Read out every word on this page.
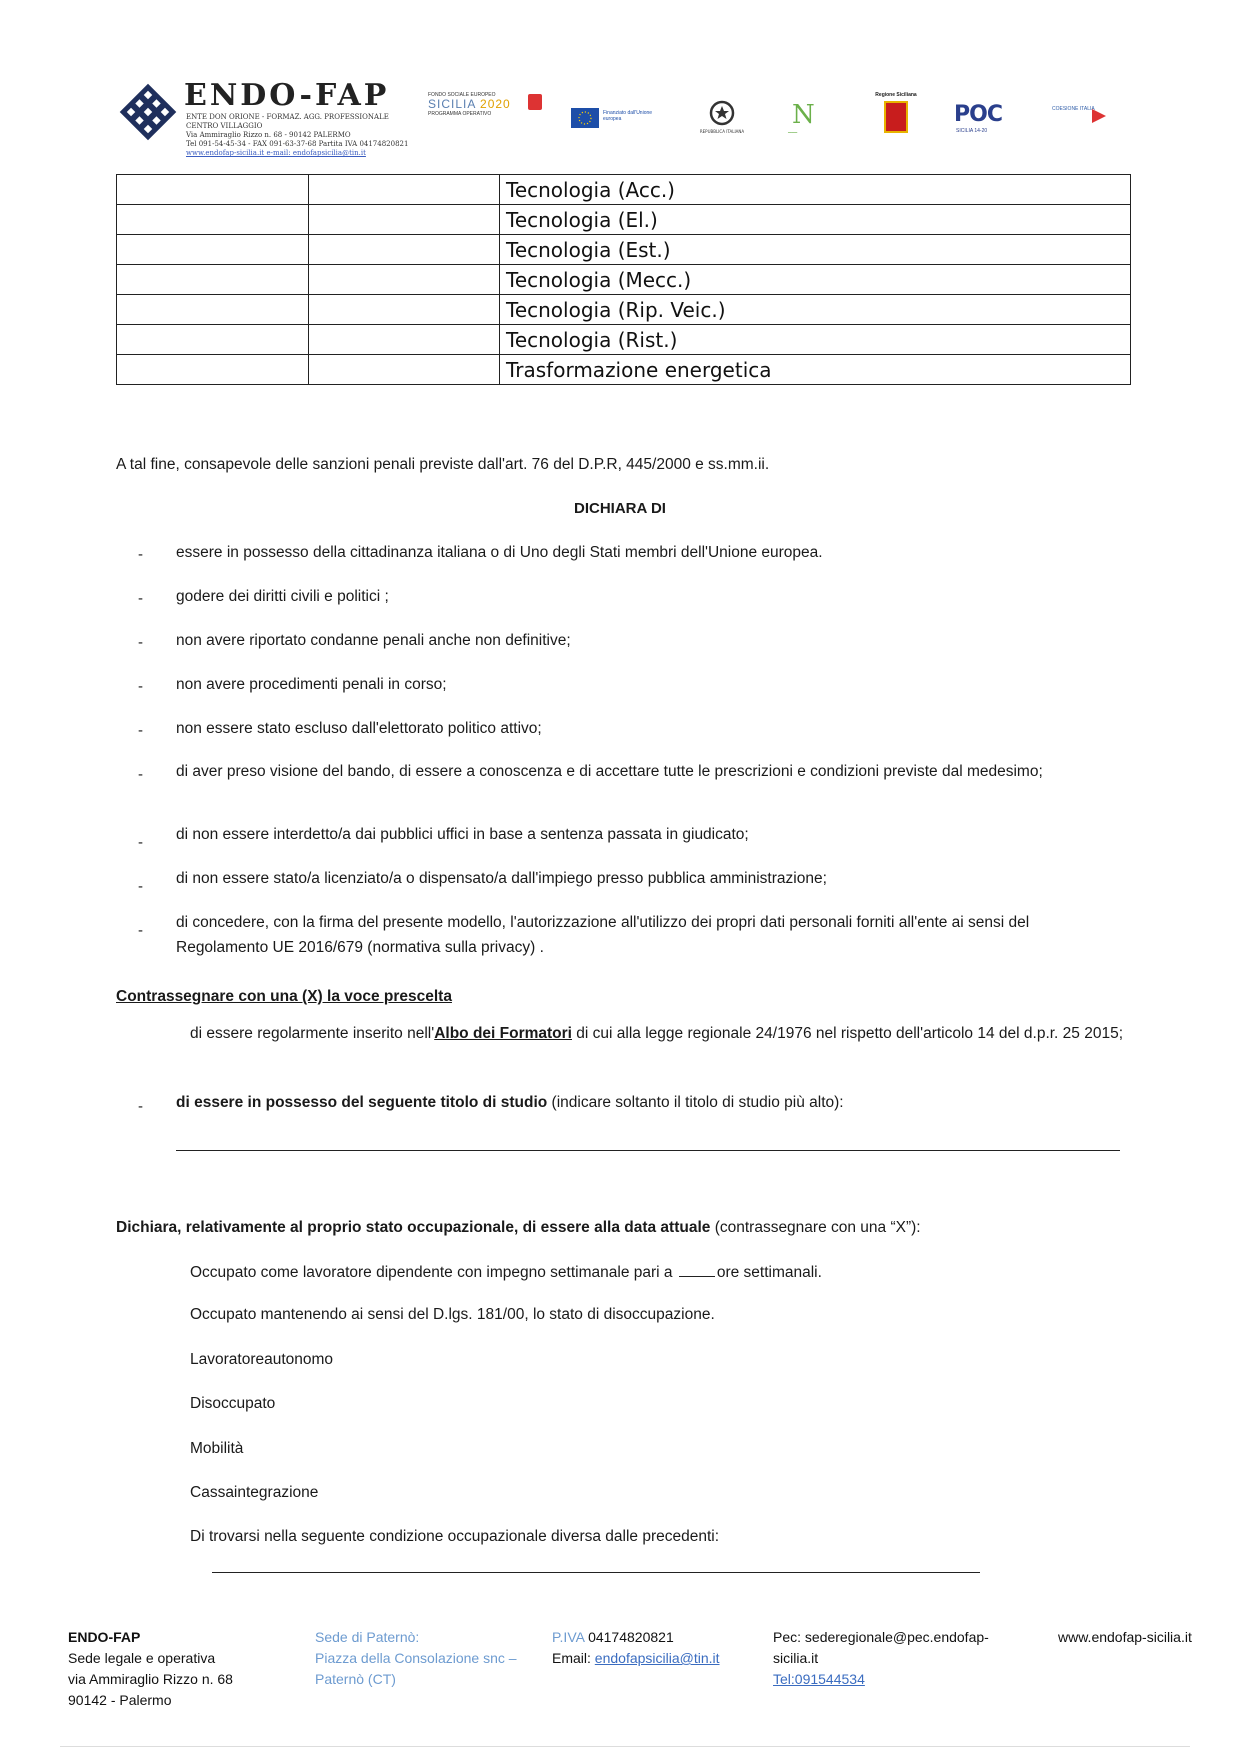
ENDO-FAP
ENTE DON ORIONE - FORMAZ. AGG. PROFESSIONALE
CENTRO VILLAGGIO
Via Ammiraglio Rizzo n. 68 - 90142 PALERMO
Tel 091-54-45-34 - FAX 091-63-37-68 Partita IVA 04174820821
www.endofap-sicilia.it e-mail: endofapsicilia@tin.it
FONDO SOCIALE EUROPEO
SICILIA 2020
PROGRAMMA OPERATIVO	Finanziato dall'Unione europea
REPUBBLICA ITALIANA
N
▁▁▁
Regione Siciliana
POC
SICILIA 14-20
COESIONE ITALIA
		Tecnologia (Acc.)
		Tecnologia (El.)
		Tecnologia (Est.)
		Tecnologia (Mecc.)
		Tecnologia (Rip. Veic.)
		Tecnologia (Rist.)
		Trasformazione energetica
A tal fine, consapevole delle sanzioni penali previste dall'art. 76 del D.P.R, 445/2000 e ss.mm.ii.
DICHIARA DI
- essere in possesso della cittadinanza italiana o di Uno degli Stati membri dell'Unione europea.
- godere dei diritti civili e politici ;
- non avere riportato condanne penali anche non definitive;
- non avere procedimenti penali in corso;
- non essere stato escluso dall'elettorato politico attivo;
- di aver preso visione del bando, di essere a conoscenza e di accettare tutte le prescrizioni e condizioni previste dal medesimo;
- di non essere interdetto/a dai pubblici uffici in base a sentenza passata in giudicato;
- di non essere stato/a licenziato/a o dispensato/a dall'impiego presso pubblica amministrazione;
- di concedere, con la firma del presente modello, l'autorizzazione all'utilizzo dei propri dati personali forniti all'ente ai sensi del Regolamento UE 2016/679 (normativa sulla privacy) .
Contrassegnare con una (X) la voce prescelta
di essere regolarmente inserito nell'Albo dei Formatori di cui alla legge regionale 24/1976 nel rispetto dell'articolo 14 del d.p.r. 25 2015;
- di essere in possesso del seguente titolo di studio (indicare soltanto il titolo di studio più alto):
Dichiara, relativamente al proprio stato occupazionale, di essere alla data attuale (contrassegnare con una “X”):
Occupato come lavoratore dipendente con impegno settimanale pari a	ore settimanali.
Occupato mantenendo ai sensi del D.lgs. 181/00, lo stato di disoccupazione.
Lavoratoreautonomo
Disoccupato
Mobilità
Cassaintegrazione
Di trovarsi nella seguente condizione occupazionale diversa dalle precedenti:
ENDO-FAP
Sede legale e operativa
via Ammiraglio Rizzo n. 68
90142 - Palermo
Sede di Paternò:
Piazza della Consolazione snc –
Paternò (CT)
P.IVA 04174820821
Email: endofapsicilia@tin.it
Pec: sederegionale@pec.endofap-
sicilia.it
Tel:091544534
www.endofap-sicilia.it
